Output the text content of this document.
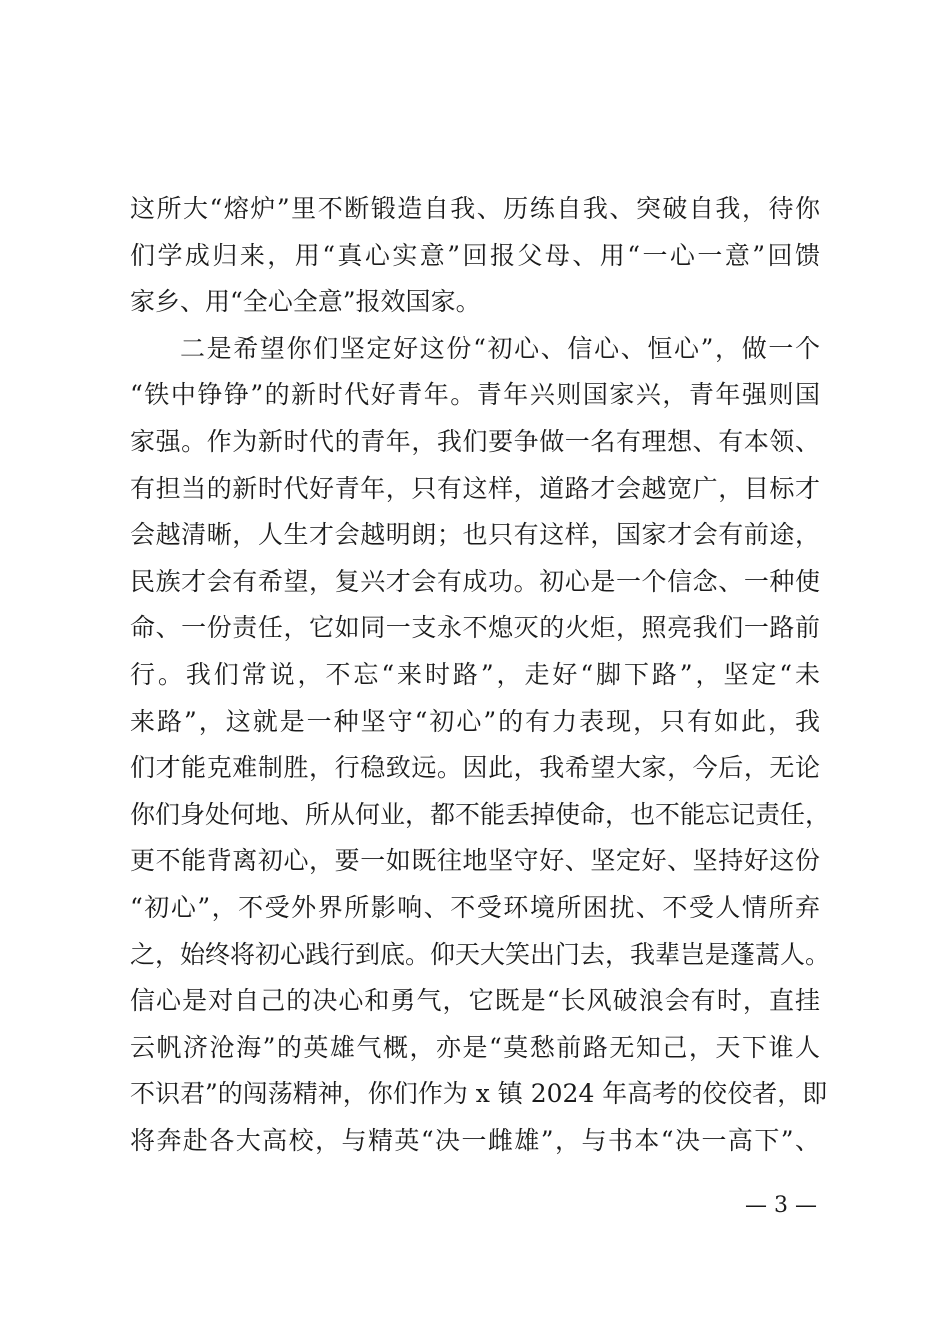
这所大“熔炉”里不断锻造自我、历练自我、突破自我，待你
们学成归来，用“真心实意”回报父母、用“一心一意”回馈
家乡、用“全心全意”报效国家。
二是希望你们坚定好这份“初心、信心、恒心”，做一个
“铁中铮铮”的新时代好青年。青年兴则国家兴，青年强则国
家强。作为新时代的青年，我们要争做一名有理想、有本领、
有担当的新时代好青年，只有这样，道路才会越宽广，目标才
会越清晰，人生才会越明朗；也只有这样，国家才会有前途，
民族才会有希望，复兴才会有成功。初心是一个信念、一种使
命、一份责任，它如同一支永不熄灭的火炬，照亮我们一路前
行。我们常说，不忘“来时路”，走好“脚下路”，坚定“未
来路”，这就是一种坚守“初心”的有力表现，只有如此，我
们才能克难制胜，行稳致远。因此，我希望大家，今后，无论
你们身处何地、所从何业，都不能丢掉使命，也不能忘记责任，
更不能背离初心，要一如既往地坚守好、坚定好、坚持好这份
“初心”，不受外界所影响、不受环境所困扰、不受人情所弃
之，始终将初心践行到底。仰天大笑出门去，我辈岂是蓬蒿人。
信心是对自己的决心和勇气，它既是“长风破浪会有时，直挂
云帆济沧海”的英雄气概，亦是“莫愁前路无知己，天下谁人
不识君”的闯荡精神，你们作为 x 镇 2024 年高考的佼佼者，即
将奔赴各大高校，与精英“决一雌雄”，与书本“决一高下”、
— 3 —
